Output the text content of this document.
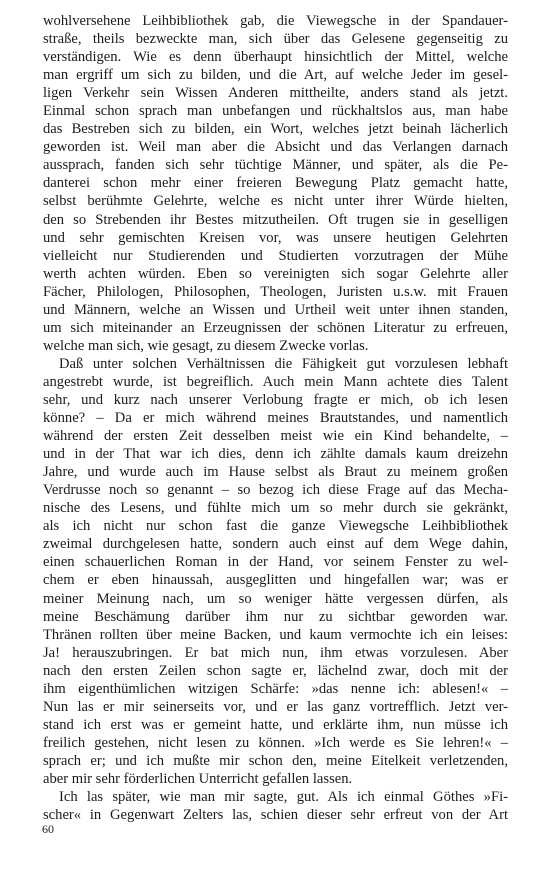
wohlversehene Leihbibliothek gab, die Viewegsche in der Spandauer-
straße, theils bezweckte man, sich über das Gelesene gegenseitig zu
verständigen. Wie es denn überhaupt hinsichtlich der Mittel, welche
man ergriff um sich zu bilden, und die Art, auf welche Jeder im gesel-
ligen Verkehr sein Wissen Anderen mittheilte, anders stand als jetzt.
Einmal schon sprach man unbefangen und rückhaltslos aus, man habe
das Bestreben sich zu bilden, ein Wort, welches jetzt beinah lächerlich
geworden ist. Weil man aber die Absicht und das Verlangen darnach
aussprach, fanden sich sehr tüchtige Männer, und später, als die Pe-
danterei schon mehr einer freieren Bewegung Platz gemacht hatte,
selbst berühmte Gelehrte, welche es nicht unter ihrer Würde hielten,
den so Strebenden ihr Bestes mitzutheilen. Oft trugen sie in geselligen
und sehr gemischten Kreisen vor, was unsere heutigen Gelehrten
vielleicht nur Studierenden und Studierten vorzutragen der Mühe
werth achten würden. Eben so vereinigten sich sogar Gelehrte aller
Fächer, Philologen, Philosophen, Theologen, Juristen u.s.w. mit Frauen
und Männern, welche an Wissen und Urtheil weit unter ihnen standen,
um sich miteinander an Erzeugnissen der schönen Literatur zu erfreuen,
welche man sich, wie gesagt, zu diesem Zwecke vorlas.
Daß unter solchen Verhältnissen die Fähigkeit gut vorzulesen lebhaft
angestrebt wurde, ist begreiflich. Auch mein Mann achtete dies Talent
sehr, und kurz nach unserer Verlobung fragte er mich, ob ich lesen
könne? – Da er mich während meines Brautstandes, und namentlich
während der ersten Zeit desselben meist wie ein Kind behandelte, –
und in der That war ich dies, denn ich zählte damals kaum dreizehn
Jahre, und wurde auch im Hause selbst als Braut zu meinem großen
Verdrusse noch so genannt – so bezog ich diese Frage auf das Mecha-
nische des Lesens, und fühlte mich um so mehr durch sie gekränkt,
als ich nicht nur schon fast die ganze Viewegsche Leihbibliothek
zweimal durchgelesen hatte, sondern auch einst auf dem Wege dahin,
einen schauerlichen Roman in der Hand, vor seinem Fenster zu wel-
chem er eben hinaussah, ausgeglitten und hingefallen war; was er
meiner Meinung nach, um so weniger hätte vergessen dürfen, als
meine Beschämung darüber ihm nur zu sichtbar geworden war.
Thränen rollten über meine Backen, und kaum vermochte ich ein leises:
Ja! herauszubringen. Er bat mich nun, ihm etwas vorzulesen. Aber
nach den ersten Zeilen schon sagte er, lächelnd zwar, doch mit der
ihm eigenthümlichen witzigen Schärfe: »das nenne ich: ablesen!« –
Nun las er mir seinerseits vor, und er las ganz vortrefflich. Jetzt ver-
stand ich erst was er gemeint hatte, und erklärte ihm, nun müsse ich
freilich gestehen, nicht lesen zu können. »Ich werde es Sie lehren!« –
sprach er; und ich mußte mir schon den, meine Eitelkeit verletzenden,
aber mir sehr förderlichen Unterricht gefallen lassen.
Ich las später, wie man mir sagte, gut. Als ich einmal Göthes »Fi-
scher« in Gegenwart Zelters las, schien dieser sehr erfreut von der Art
60
